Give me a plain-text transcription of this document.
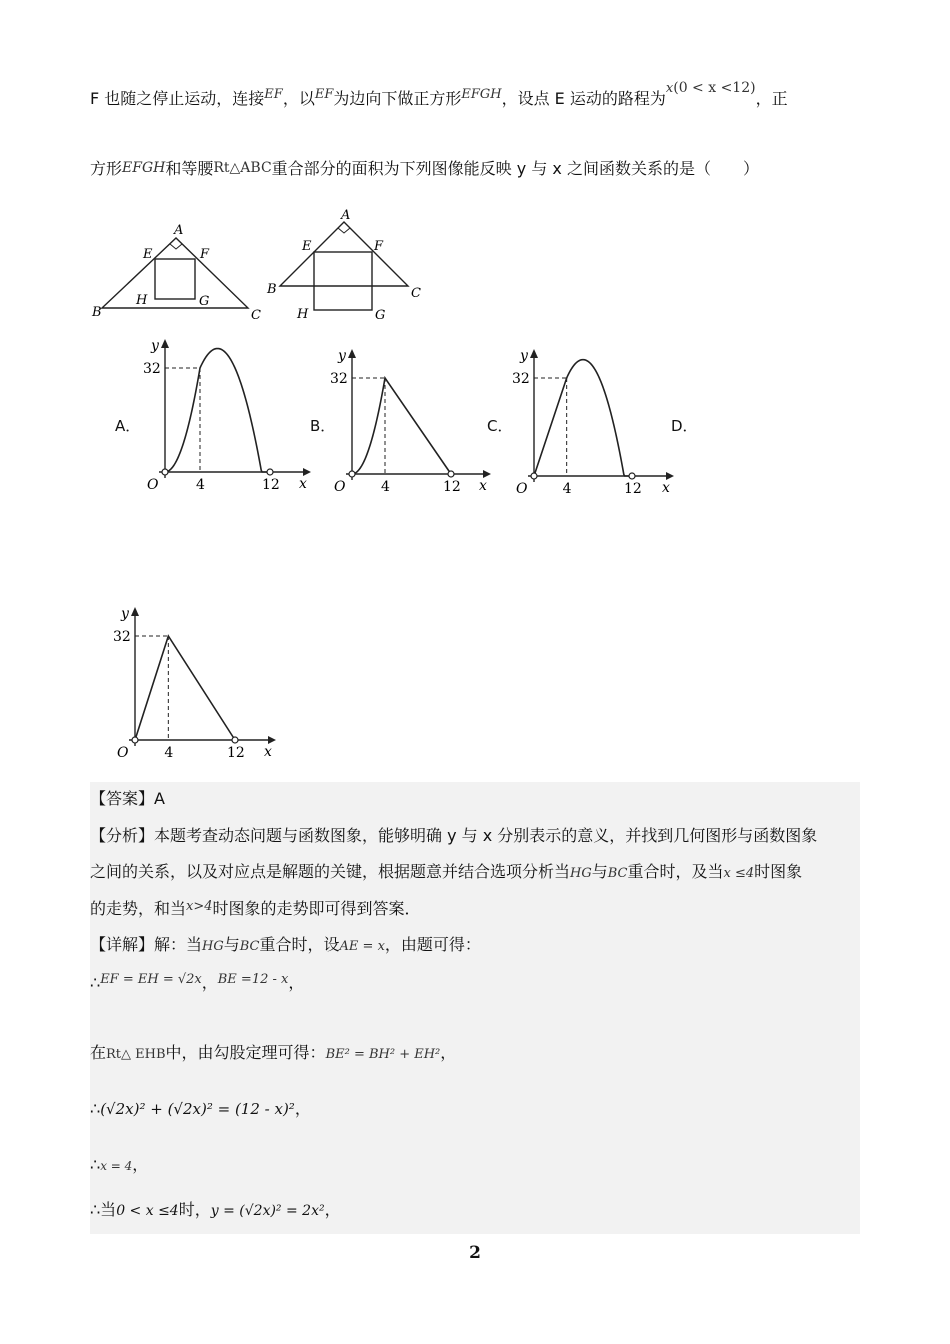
F 也随之停止运动，连接$^{EF}$，以$^{EF}$为边向下做正方形$^{EFGH}$，设点 E 运动的路程为$^x$(0 < x <12)，正
方形EFGH和等腰Rt△ABC重合部分的面积为下列图像能反映 y 与 x 之间函数关系的是（　　）
A
B	C
E	F
G
H
A
B	C
E	F
G
H
A．	B．	C．	D．
y
x
O
32
4	12
y
x
O
32
4	12
y
x
O
32
4	12
y
x
O
32
4	12
【答案】A
【分析】本题考查动态问题与函数图象，能够明确 y 与 x 分别表示的意义，并找到几何图形与函数图象
之间的关系，以及对应点是解题的关键，根据题意并结合选项分析当HG与BC重合时，及当x ≤4时图象
的走势，和当$^{x>4}$时图象的走势即可得到答案．
【详解】解：当HG与BC重合时，设AE = x，由题可得：
∴$^{EF = EH = √2x}$，$^{BE =12 - x}$，
在Rt△ EHB中，由勾股定理可得：BE² = BH² + EH²，
∴(√2x)² + (√2x)² = (12 - x)²，
∴x = 4，
∴当0 < x ≤4时，y = (√2x)² = 2x²，
2
